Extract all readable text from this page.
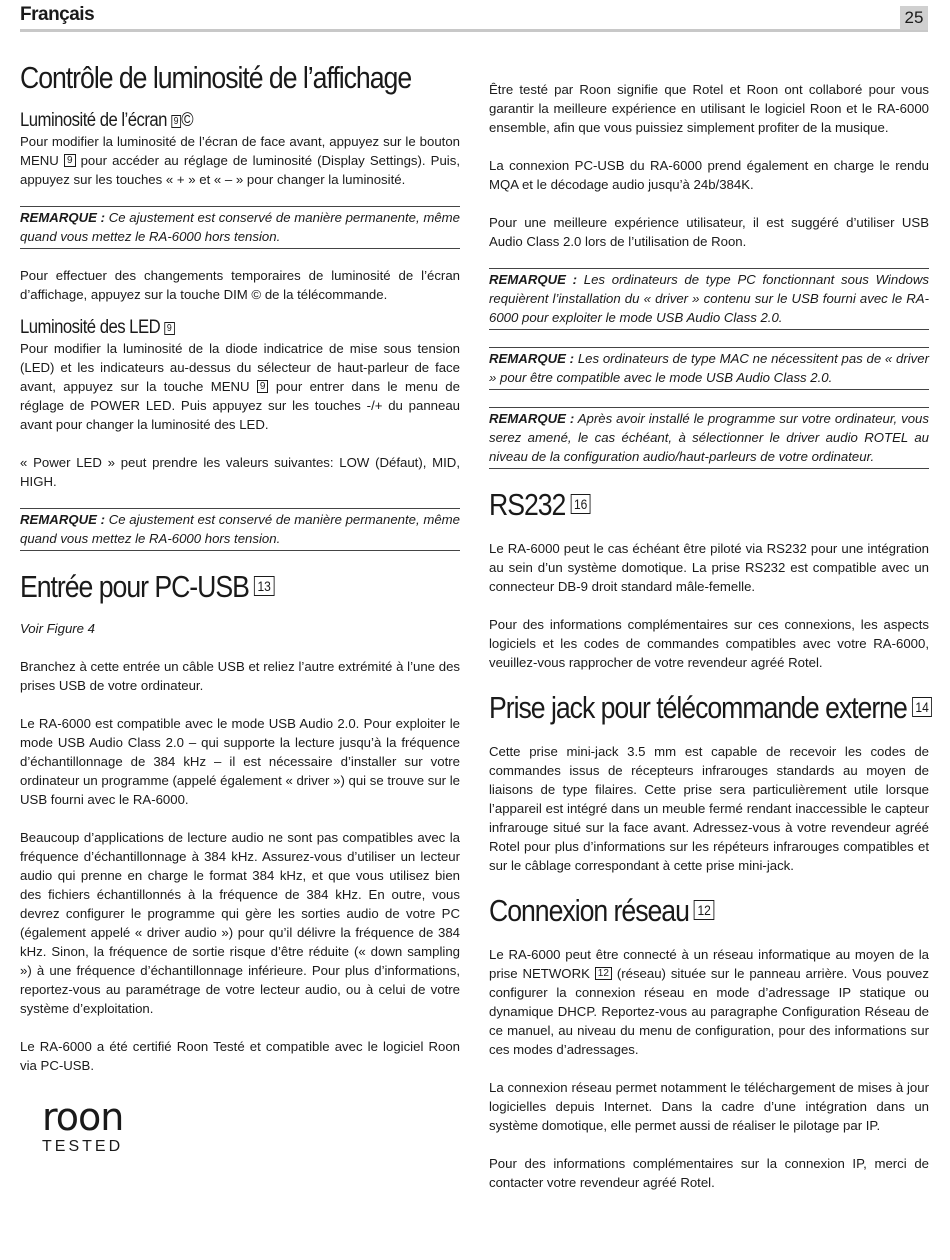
Français	25
Contrôle de luminosité de l’affichage
Luminosité de l’écran 9 ©

Pour modifier la luminosité de l’écran de face avant, appuyez sur le bouton MENU 9 pour accéder au réglage de luminosité (Display Settings). Puis, appuyez sur les touches « + » et « – » pour changer la luminosité.

REMARQUE : Ce ajustement est conservé de manière permanente, même quand vous mettez le RA-6000 hors tension.

Pour effectuer des changements temporaires de luminosité de l’écran d’affichage, appuyez sur la touche DIM © de la télécommande.

Luminosité des LED 9

Pour modifier la luminosité de la diode indicatrice de mise sous tension (LED) et les indicateurs au-dessus du sélecteur de haut-parleur de face avant, appuyez sur la touche MENU 9 pour entrer dans le menu de réglage de POWER LED. Puis appuyez sur les touches -/+ du panneau avant pour changer la luminosité des LED.

« Power LED » peut prendre les valeurs suivantes: LOW (Défaut), MID, HIGH.

REMARQUE : Ce ajustement est conservé de manière permanente, même quand vous mettez le RA-6000 hors tension.
Entrée pour PC-USB 13

Voir Figure 4

Branchez à cette entrée un câble USB et reliez l’autre extrémité à l’une des prises USB de votre ordinateur.

Le RA-6000 est compatible avec le mode USB Audio 2.0. Pour exploiter le mode USB Audio Class 2.0 – qui supporte la lecture jusqu’à la fréquence d’échantillonnage de 384 kHz – il est nécessaire d’installer sur votre ordinateur un programme (appelé également « driver ») qui se trouve sur le USB fourni avec le RA-6000.

Beaucoup d’applications de lecture audio ne sont pas compatibles avec la fréquence d’échantillonnage à 384 kHz. Assurez-vous d’utiliser un lecteur audio qui prenne en charge le format 384 kHz, et que vous utilisez bien des fichiers échantillonnés à la fréquence de 384 kHz. En outre, vous devrez configurer le programme qui gère les sorties audio de votre PC (également appelé « driver audio ») pour qu’il délivre la fréquence de 384 kHz. Sinon, la fréquence de sortie risque d’être réduite (« down sampling ») à une fréquence d’échantillonnage inférieure. Pour plus d’informations, reportez-vous au paramétrage de votre lecteur audio, ou à celui de votre système d’exploitation.

Le RA-6000 a été certifié Roon Testé et compatible avec le logiciel Roon via PC-USB.

roon
TESTED

Être testé par Roon signifie que Rotel et Roon ont collaboré pour vous garantir la meilleure expérience en utilisant le logiciel Roon et le RA-6000 ensemble, afin que vous puissiez simplement profiter de la musique.

La connexion PC-USB du RA-6000 prend également en charge le rendu MQA et le décodage audio jusqu’à 24b/384K.

Pour une meilleure expérience utilisateur, il est suggéré d’utiliser USB Audio Class 2.0 lors de l’utilisation de Roon.

REMARQUE : Les ordinateurs de type PC fonctionnant sous Windows requièrent l’installation du « driver » contenu sur le USB fourni avec le RA-6000 pour exploiter le mode USB Audio Class 2.0.
REMARQUE : Les ordinateurs de type MAC ne nécessitent pas de « driver » pour être compatible avec le mode USB Audio Class 2.0.
REMARQUE : Après avoir installé le programme sur votre ordinateur, vous serez amené, le cas échéant, à sélectionner le driver audio ROTEL au niveau de la configuration audio/haut-parleurs de votre ordinateur.
RS232 16

Le RA-6000 peut le cas échéant être piloté via RS232 pour une intégration au sein d’un système domotique. La prise RS232 est compatible avec un connecteur DB-9 droit standard mâle-femelle.

Pour des informations complémentaires sur ces connexions, les aspects logiciels et les codes de commandes compatibles avec votre RA-6000, veuillez-vous rapprocher de votre revendeur agréé Rotel.

Prise jack pour télécommande externe 14

Cette prise mini-jack 3.5 mm est capable de recevoir les codes de commandes issus de récepteurs infrarouges standards au moyen de liaisons de type filaires. Cette prise sera particulièrement utile lorsque l’appareil est intégré dans un meuble fermé rendant inaccessible le capteur infrarouge situé sur la face avant. Adressez-vous à votre revendeur agréé Rotel pour plus d’informations sur les répéteurs infrarouges compatibles et sur le câblage correspondant à cette prise mini-jack.

Connexion réseau 12

Le RA-6000 peut être connecté à un réseau informatique au moyen de la prise NETWORK 12 (réseau) située sur le panneau arrière. Vous pouvez configurer la connexion réseau en mode d’adressage IP statique ou dynamique DHCP. Reportez-vous au paragraphe Configuration Réseau de ce manuel, au niveau du menu de configuration, pour des informations sur ces modes d’adressages.

La connexion réseau permet notamment le téléchargement de mises à jour logicielles depuis Internet. Dans la cadre d’une intégration dans un système domotique, elle permet aussi de réaliser le pilotage par IP.

Pour des informations complémentaires sur la connexion IP, merci de contacter votre revendeur agréé Rotel.
